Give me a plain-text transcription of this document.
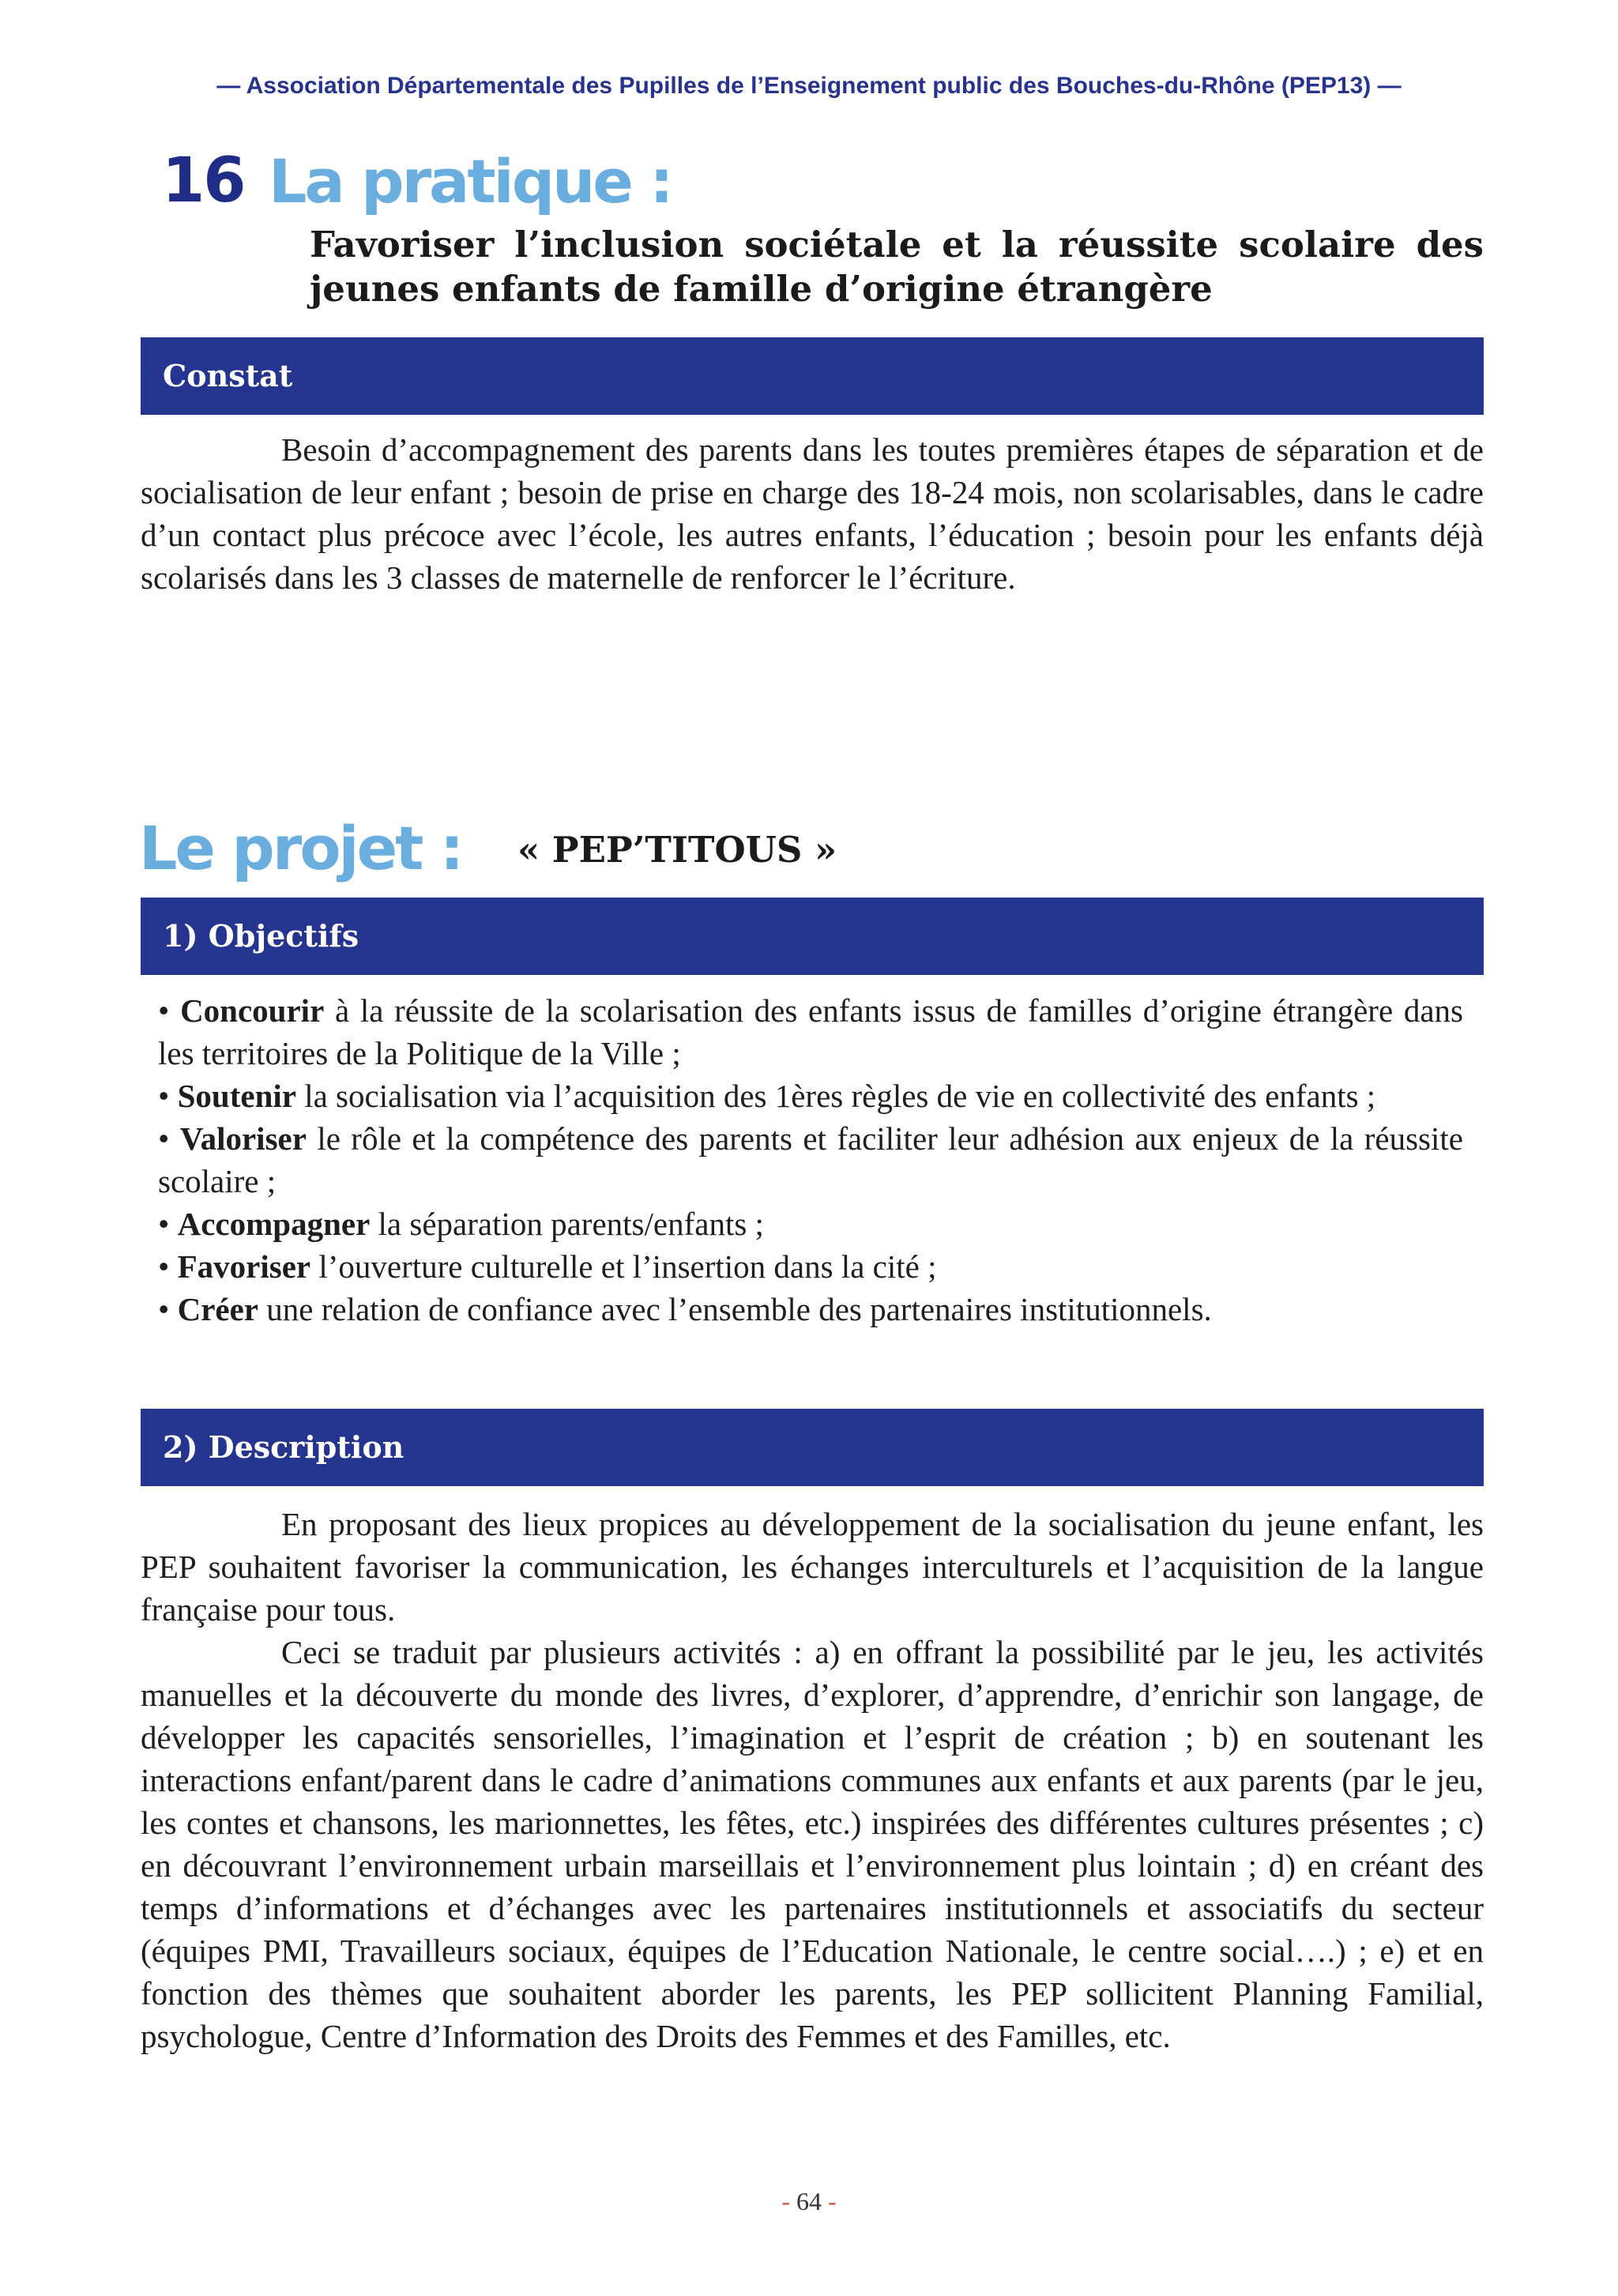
— Association Départementale des Pupilles de l’Enseignement public des Bouches-du-Rhône (PEP13) —
16 La pratique :
Favoriser l’inclusion sociétale et la réussite scolaire des jeunes enfants de famille d’origine étrangère
Constat

Besoin d’accompagnement des parents dans les toutes premières étapes de séparation et de socialisation de leur enfant ; besoin de prise en charge des 18-24 mois, non scolarisables, dans le cadre d’un contact plus précoce avec l’école, les autres enfants, l’éducation ; besoin pour les enfants déjà scolarisés dans les 3 classes de maternelle de renforcer le l’écriture.

Le projet : « PEP’TITOUS »
1) Objectifs
• Concourir à la réussite de la scolarisation des enfants issus de familles d’origine étrangère dans les territoires de la Politique de la Ville ;
• Soutenir la socialisation via l’acquisition des 1ères règles de vie en collectivité des enfants ;
• Valoriser le rôle et la compétence des parents et faciliter leur adhésion aux enjeux de la réussite scolaire ;
• Accompagner la séparation parents/enfants ;
• Favoriser l’ouverture culturelle et l’insertion dans la cité ;
• Créer une relation de confiance avec l’ensemble des partenaires institutionnels.
2) Description

En proposant des lieux propices au développement de la socialisation du jeune enfant, les PEP souhaitent favoriser la communication, les échanges interculturels et l’acquisition de la langue française pour tous.

Ceci se traduit par plusieurs activités : a) en offrant la possibilité par le jeu, les activités manuelles et la découverte du monde des livres, d’explorer, d’apprendre, d’enrichir son langage, de développer les capacités sensorielles, l’imagination et l’esprit de création ; b) en soutenant les interactions enfant/parent dans le cadre d’animations communes aux enfants et aux parents (par le jeu, les contes et chansons, les marionnettes, les fêtes, etc.) inspirées des différentes cultures présentes ; c) en découvrant l’environnement urbain marseillais et l’environnement plus lointain ; d) en créant des temps d’informations et d’échanges avec les partenaires institutionnels et associatifs du secteur (équipes PMI, Travailleurs sociaux, équipes de l’Education Nationale, le centre social….) ; e) et en fonction des thèmes que souhaitent aborder les parents, les PEP sollicitent Planning Familial, psychologue, Centre d’Information des Droits des Femmes et des Familles, etc.

- 64 -
